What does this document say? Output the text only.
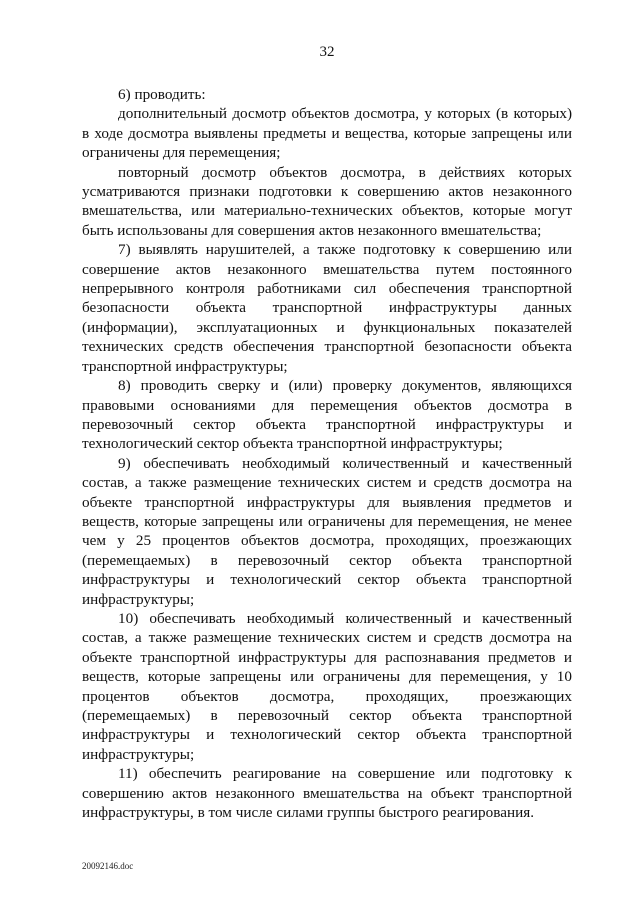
32

6) проводить:

дополнительный досмотр объектов досмотра, у которых (в которых) в ходе досмотра выявлены предметы и вещества, которые запрещены или ограничены для перемещения;

повторный досмотр объектов досмотра, в действиях которых усматриваются признаки подготовки к совершению актов незаконного вмешательства, или материально-технических объектов, которые могут быть использованы для совершения актов незаконного вмешательства;

7) выявлять нарушителей, а также подготовку к совершению или совершение актов незаконного вмешательства путем постоянного непрерывного контроля работниками сил обеспечения транспортной безопасности объекта транспортной инфраструктуры данных (информации), эксплуатационных и функциональных показателей технических средств обеспечения транспортной безопасности объекта транспортной инфраструктуры;

8) проводить сверку и (или) проверку документов, являющихся правовыми основаниями для перемещения объектов досмотра в перевозочный сектор объекта транспортной инфраструктуры и технологический сектор объекта транспортной инфраструктуры;

9) обеспечивать необходимый количественный и качественный состав, а также размещение технических систем и средств досмотра на объекте транспортной инфраструктуры для выявления предметов и веществ, которые запрещены или ограничены для перемещения, не менее чем у 25 процентов объектов досмотра, проходящих, проезжающих (перемещаемых) в перевозочный сектор объекта транспортной инфраструктуры и технологический сектор объекта транспортной инфраструктуры;

10) обеспечивать необходимый количественный и качественный состав, а также размещение технических систем и средств досмотра на объекте транспортной инфраструктуры для распознавания предметов и веществ, которые запрещены или ограничены для перемещения, у 10 процентов объектов досмотра, проходящих, проезжающих (перемещаемых) в перевозочный сектор объекта транспортной инфраструктуры и технологический сектор объекта транспортной инфраструктуры;

11) обеспечить реагирование на совершение или подготовку к совершению актов незаконного вмешательства на объект транспортной инфраструктуры, в том числе силами группы быстрого реагирования.

20092146.doc
